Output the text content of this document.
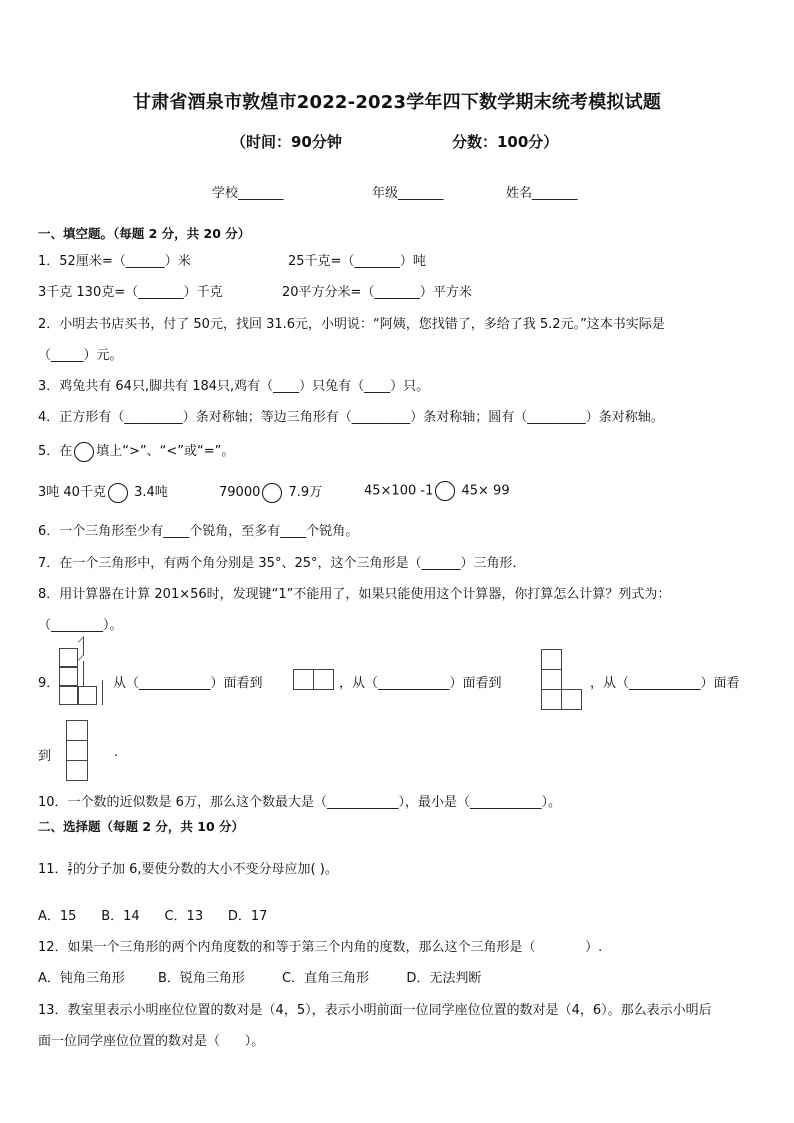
甘肃省酒泉市敦煌市2022-2023学年四下数学期末统考模拟试题
（时间：90分钟	分数：100分）
学校_______	年级_______	姓名_______
一、填空题。（每题 2 分，共 20 分）
1．52厘米=（______）米	25千克=（_______）吨
3千克 130克=（_______）千克	20平方分米=（_______）平方米
2．小明去书店买书，付了 50元，找回 31.6元，小明说：“阿姨，您找错了，多给了我 5.2元。”这本书实际是
（_____）元。
3．鸡兔共有 64只,脚共有 184只,鸡有（____）只兔有（____）只。
4．正方形有（_________）条对称轴；等边三角形有（_________）条对称轴；圆有（_________）条对称轴。
5．在 填上“>”、“<”或“=”。
3吨 40千克 3.4吨	79000 7.9万	45×100 -1 45× 99
6．一个三角形至少有____个锐角，至多有____个锐角。
7．在一个三角形中，有两个角分别是 35°、25°，这个三角形是（______）三角形．
8．用计算器在计算 201×56时，发现键“1”不能用了，如果只能使用这个计算器，你打算怎么计算？列式为：
（________）。
9．	从（___________）面看到	，从（___________）面看到	，从（___________）面看
到	.
10．一个数的近似数是 6万，那么这个数最大是（___________），最小是（___________）。
二、选择题（每题 2 分，共 10 分）
11． $\frac{3}{7}$ 的分子加 6,要使分数的大小不变分母应加( )。
A．15      B．14      C．13      D．17
12．如果一个三角形的两个内角度数的和等于第三个内角的度数，那么这个三角形是（            ）.
A．钝角三角形        B．锐角三角形         C．直角三角形         D．无法判断
13．教室里表示小明座位位置的数对是（4，5），表示小明前面一位同学座位位置的数对是（4，6）。那么表示小明后
面一位同学座位位置的数对是（      ）。
